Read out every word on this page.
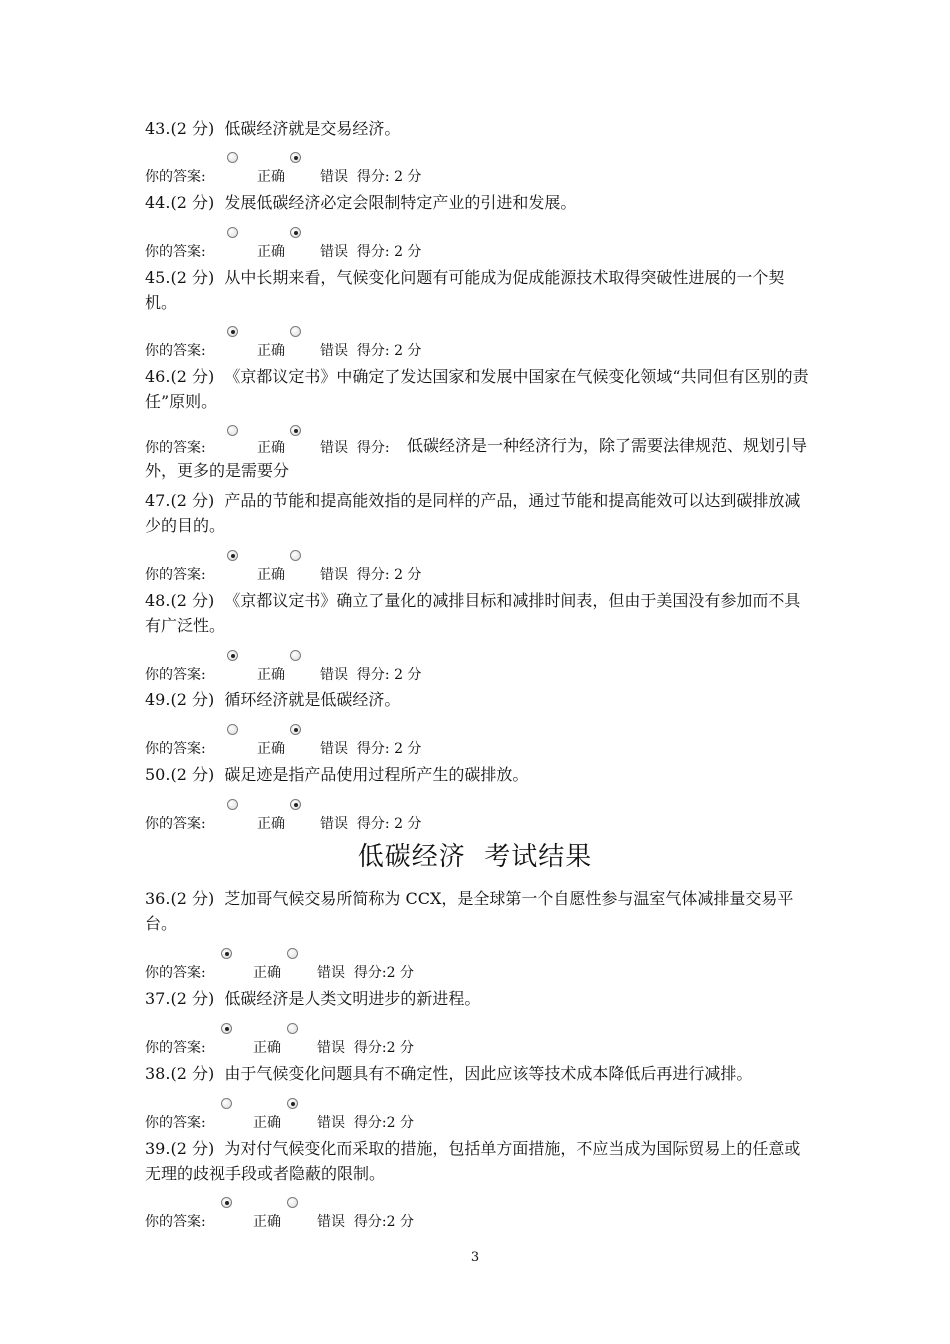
43.(2 分) 低碳经济就是交易经济。
你的答案:	正确	错误 得分: 2 分
44.(2 分) 发展低碳经济必定会限制特定产业的引进和发展。
你的答案:	正确	错误 得分: 2 分
45.(2 分) 从中长期来看，气候变化问题有可能成为促成能源技术取得突破性进展的一个契机。
你的答案:	正确	错误 得分: 2 分
46.(2 分) 《京都议定书》中确定了发达国家和发展中国家在气候变化领域“共同但有区别的责任”原则。
你的答案:	正确	错误 得分:	低碳经济是一种经济行为，除了需要法律规范、规划引导外，更多的是需要分
47.(2 分) 产品的节能和提高能效指的是同样的产品，通过节能和提高能效可以达到碳排放减少的目的。
你的答案:	正确	错误 得分: 2 分
48.(2 分) 《京都议定书》确立了量化的减排目标和减排时间表，但由于美国没有参加而不具有广泛性。
你的答案:	正确	错误 得分: 2 分
49.(2 分) 循环经济就是低碳经济。
你的答案:	正确	错误 得分: 2 分
50.(2 分) 碳足迹是指产品使用过程所产生的碳排放。
你的答案:	正确	错误 得分: 2 分
低碳经济  考试结果
36.(2 分) 芝加哥气候交易所简称为 CCX，是全球第一个自愿性参与温室气体减排量交易平台。
你的答案:	正确	错误 得分:2 分
37.(2 分) 低碳经济是人类文明进步的新进程。
你的答案:	正确	错误 得分:2 分
38.(2 分) 由于气候变化问题具有不确定性，因此应该等技术成本降低后再进行减排。
你的答案:	正确	错误 得分:2 分
39.(2 分) 为对付气候变化而采取的措施，包括单方面措施，不应当成为国际贸易上的任意或无理的歧视手段或者隐蔽的限制。
你的答案:	正确	错误 得分:2 分
3
